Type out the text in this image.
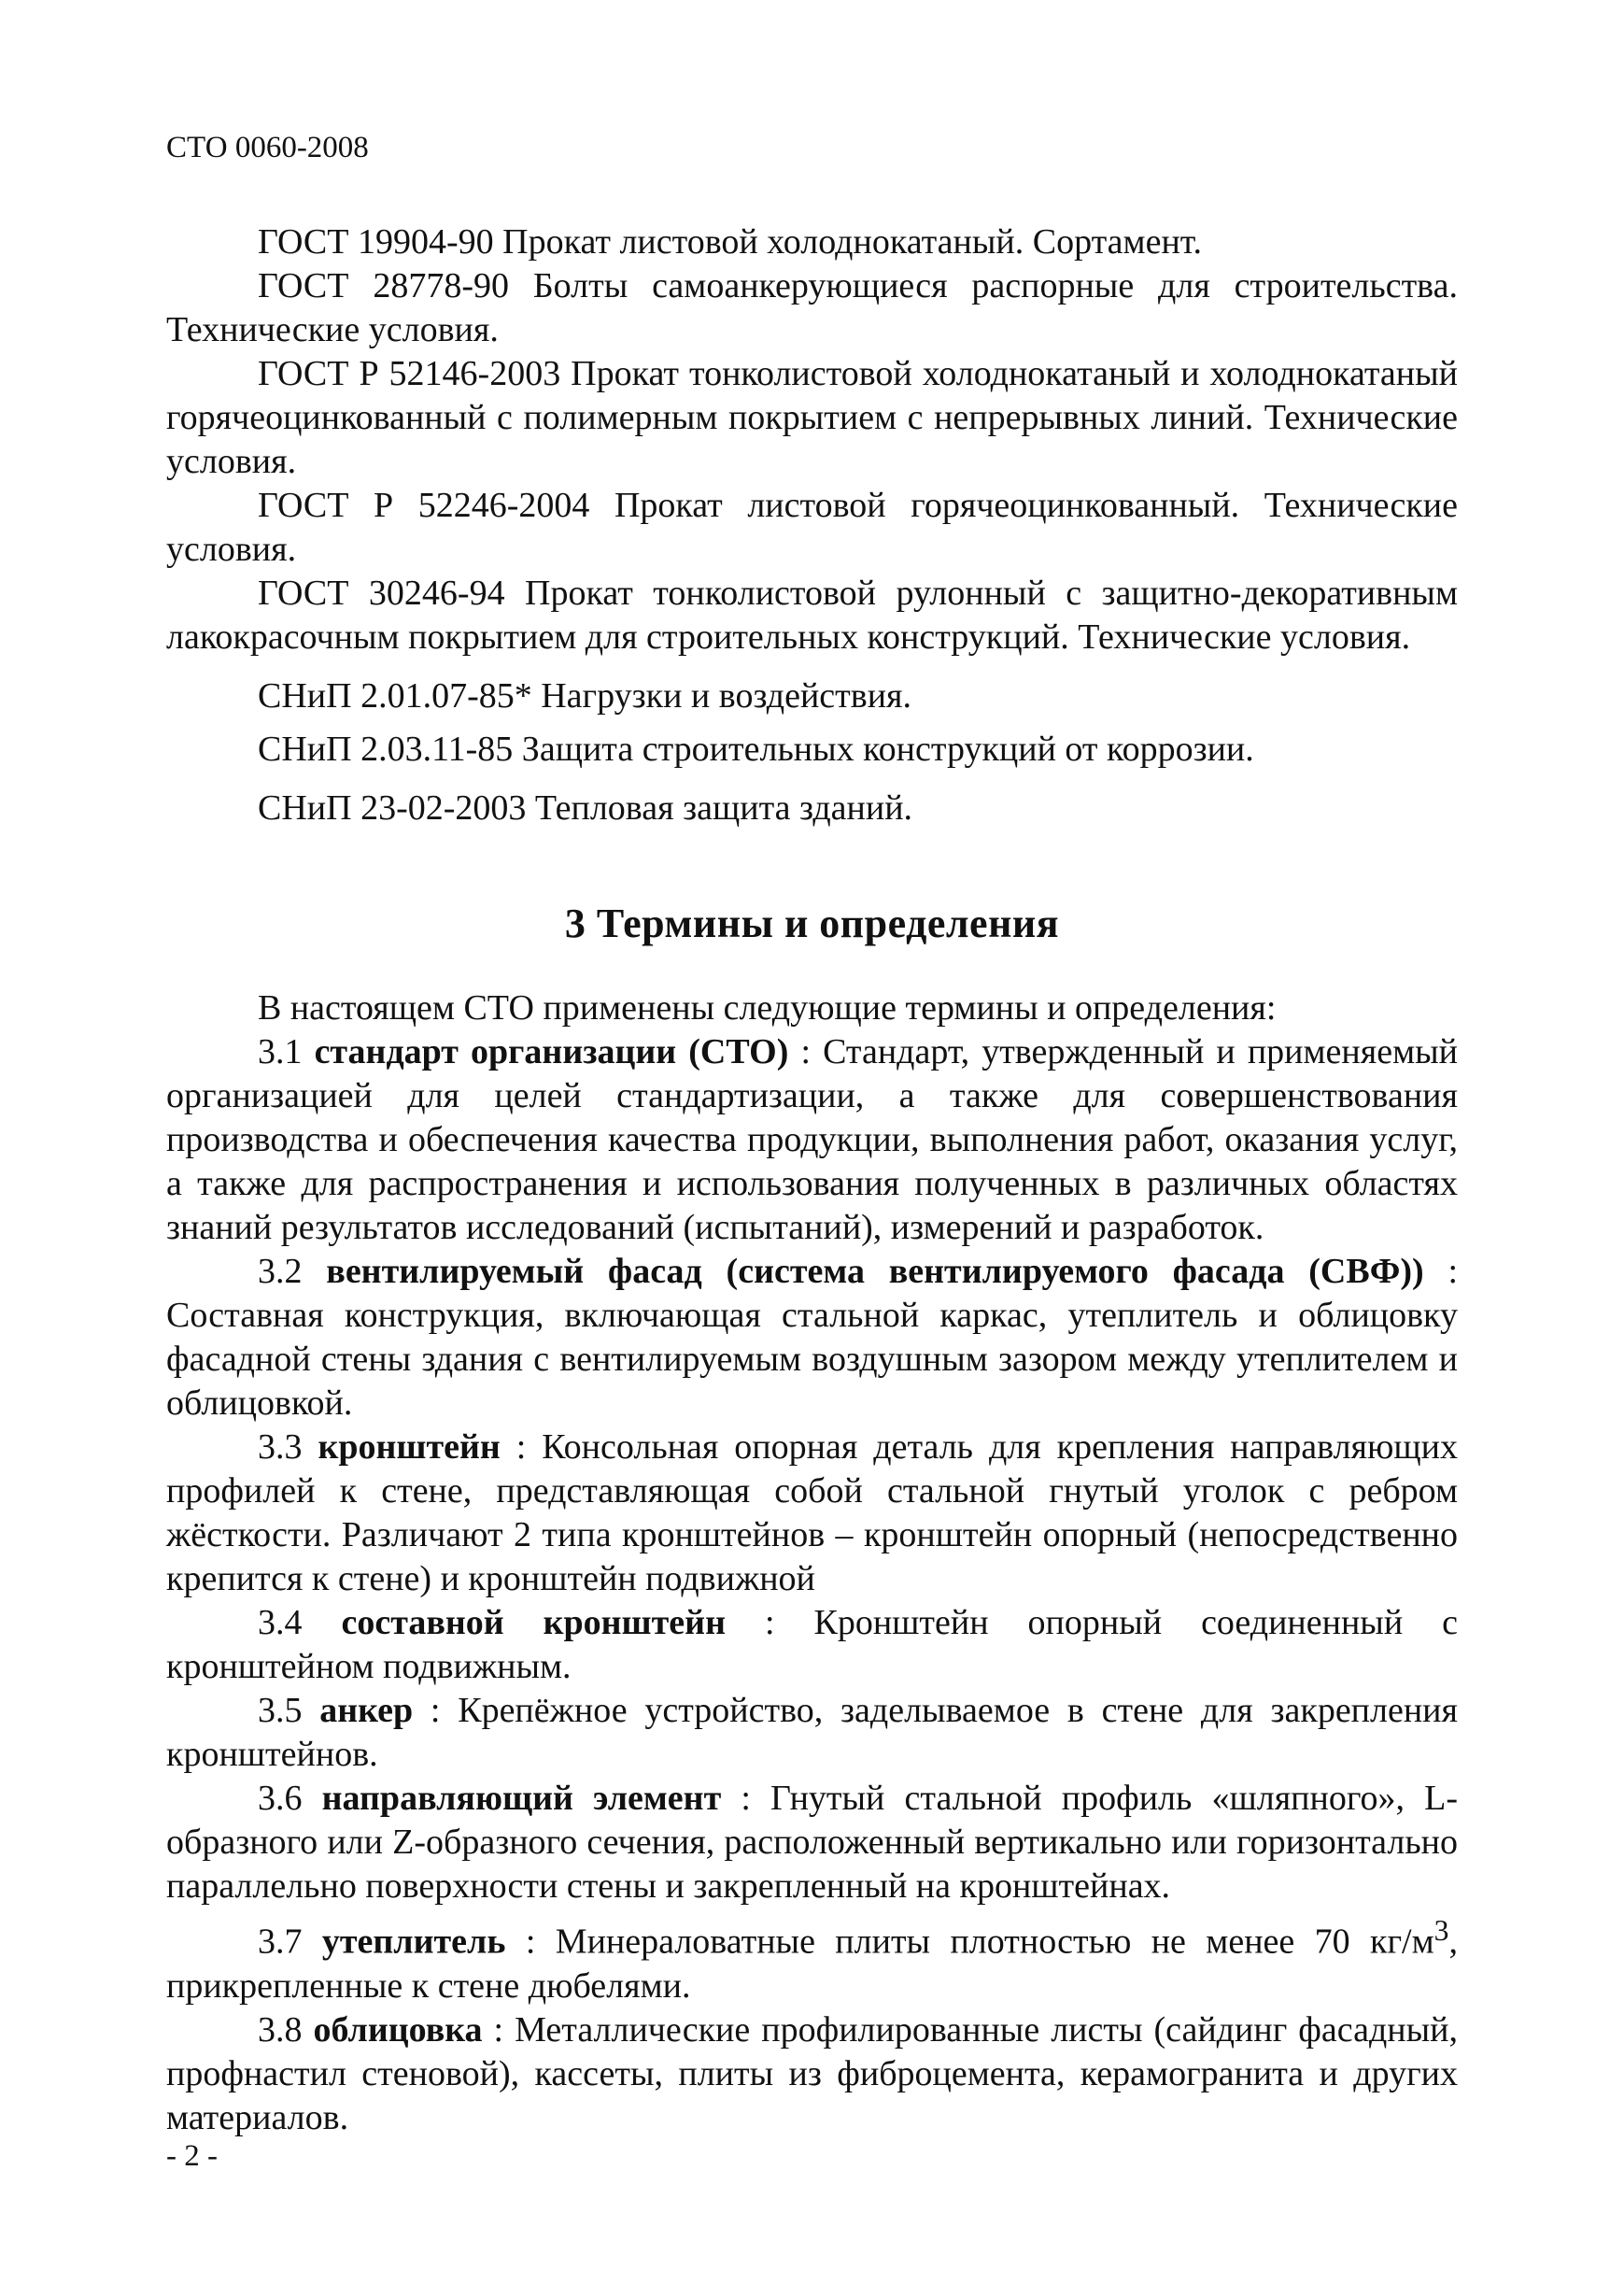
СТО 0060-2008

ГОСТ 19904-90 Прокат листовой холоднокатаный. Сортамент.

ГОСТ 28778-90 Болты самоанкерующиеся распорные для строительства. Технические условия.

ГОСТ Р 52146-2003 Прокат тонколистовой холоднокатаный и холоднокатаный горячеоцинкованный с полимерным покрытием с непрерывных линий. Технические условия.

ГОСТ Р 52246-2004 Прокат листовой горячеоцинкованный. Технические условия.

ГОСТ 30246-94 Прокат тонколистовой рулонный с защитно-декоративным лакокрасочным покрытием для строительных конструкций. Технические условия.

СНиП 2.01.07-85* Нагрузки и воздействия.

СНиП 2.03.11-85 Защита строительных конструкций от коррозии.

СНиП 23-02-2003 Тепловая защита зданий.

3 Термины и определения

В настоящем СТО применены следующие термины и определения:

3.1 стандарт организации (СТО) : Стандарт, утвержденный и применяемый организацией для целей стандартизации, а также для совершенствования производства и обеспечения качества продукции, выполнения работ, оказания услуг, а также для распространения и использования полученных в различных областях знаний результатов исследований (испытаний), измерений и разработок.

3.2 вентилируемый фасад (система вентилируемого фасада (СВФ)) : Составная конструкция, включающая стальной каркас, утеплитель и облицовку фасадной стены здания с вентилируемым воздушным зазором между утеплителем и облицовкой.

3.3 кронштейн : Консольная опорная деталь для крепления направляющих профилей к стене, представляющая собой стальной гнутый уголок с ребром жёсткости. Различают 2 типа кронштейнов – кронштейн опорный (непосредственно крепится к стене) и кронштейн подвижной

3.4 составной кронштейн : Кронштейн опорный соединенный с кронштейном подвижным.

3.5 анкер : Крепёжное устройство, заделываемое в стене для закрепления кронштейнов.

3.6 направляющий элемент : Гнутый стальной профиль «шляпного», L-образного или Z-образного сечения, расположенный вертикально или горизонтально параллельно поверхности стены и закрепленный на кронштейнах.

3.7 утеплитель : Минераловатные плиты плотностью не менее 70 $кг/м^3$, прикрепленные к стене дюбелями.

3.8 облицовка : Металлические профилированные листы (сайдинг фасадный, профнастил стеновой), кассеты, плиты из фиброцемента, керамогранита и других материалов.

- 2 -
